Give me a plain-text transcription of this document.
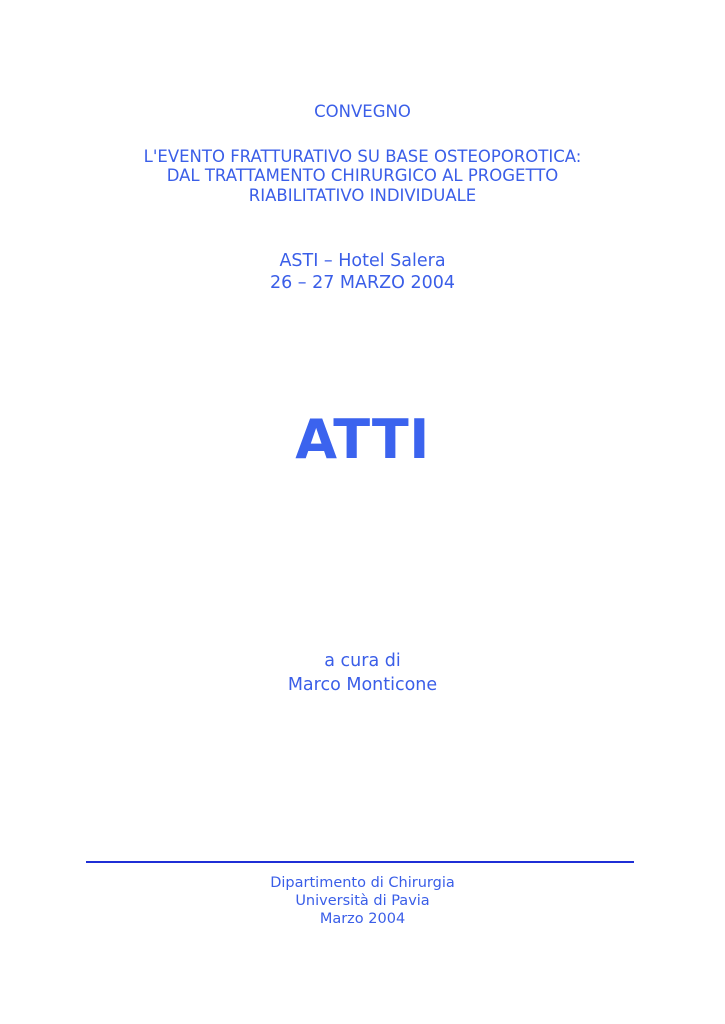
CONVEGNO
L'EVENTO FRATTURATIVO SU BASE OSTEOPOROTICA:
DAL TRATTAMENTO CHIRURGICO AL PROGETTO
RIABILITATIVO INDIVIDUALE
ASTI – Hotel Salera
26 – 27 MARZO 2004
ATTI
a cura di
Marco Monticone
Dipartimento di Chirurgia
Università di Pavia
Marzo 2004
